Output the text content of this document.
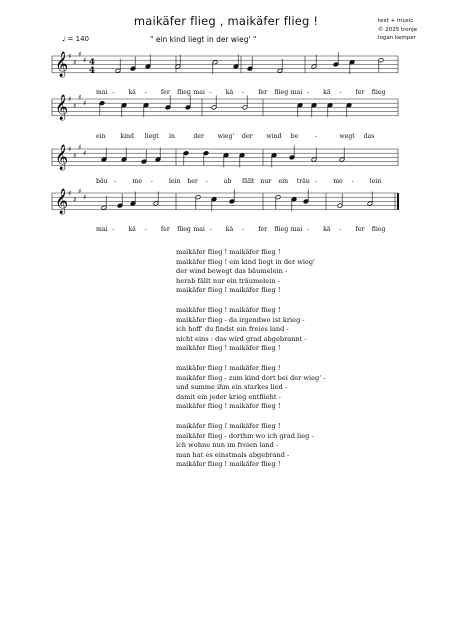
maikäfer flieg , maikäfer flieg !
♩ = 140	" ein kind liegt in der wieg' "
text + music
© 2025 tronje
logan kemper
𝄞 ♯
♯
♯
♯ 4
4
𝄞 ♯
♯
♯
♯
𝄞 ♯
♯
♯
♯
𝄞 ♯
♯
♯
♯
mai - kä - fer flieg mai - kä - fer flieg mai - kä - fer flieg
ein kind liegt in	der wieg' der wind be	-	wegt das
bäu -	me -	lein her -	ab fällt nur ein träu -	me -	lein
mai - kä - fer flieg mai - kä - fer flieg mai - kä - fer flieg
maikäfer flieg ! maikäfer flieg !
maikäfer flieg ! ein kind liegt in der wieg'
der wind bewegt das bäumelein -
herab fällt nur ein träumelein -
maikäfer flieg ! maikäfer flieg !
maikäfer flieg ! maikäfer flieg !
maikäfer flieg - da irgendwo ist krieg -
ich hoff' du findst ein freies land -
nicht eins : das wird grad abgebrannt -
maikäfer flieg ! maikäfer flieg !
maikäfer flieg ! maikäfer flieg !
maikäfer flieg - zum kind dort bei der wieg' -
und summe ihm ein starkes lied -
damit ein jeder krieg entflieht -
maikäfer flieg ! maikäfer flieg !
maikäfer flieg ! maikäfer flieg !
maikäfer flieg - dorthin wo ich grad lieg -
ich wohne nun im freien land -
man hat es einstmals abgebrand -
maikäfer flieg ! maikäfer flieg !
